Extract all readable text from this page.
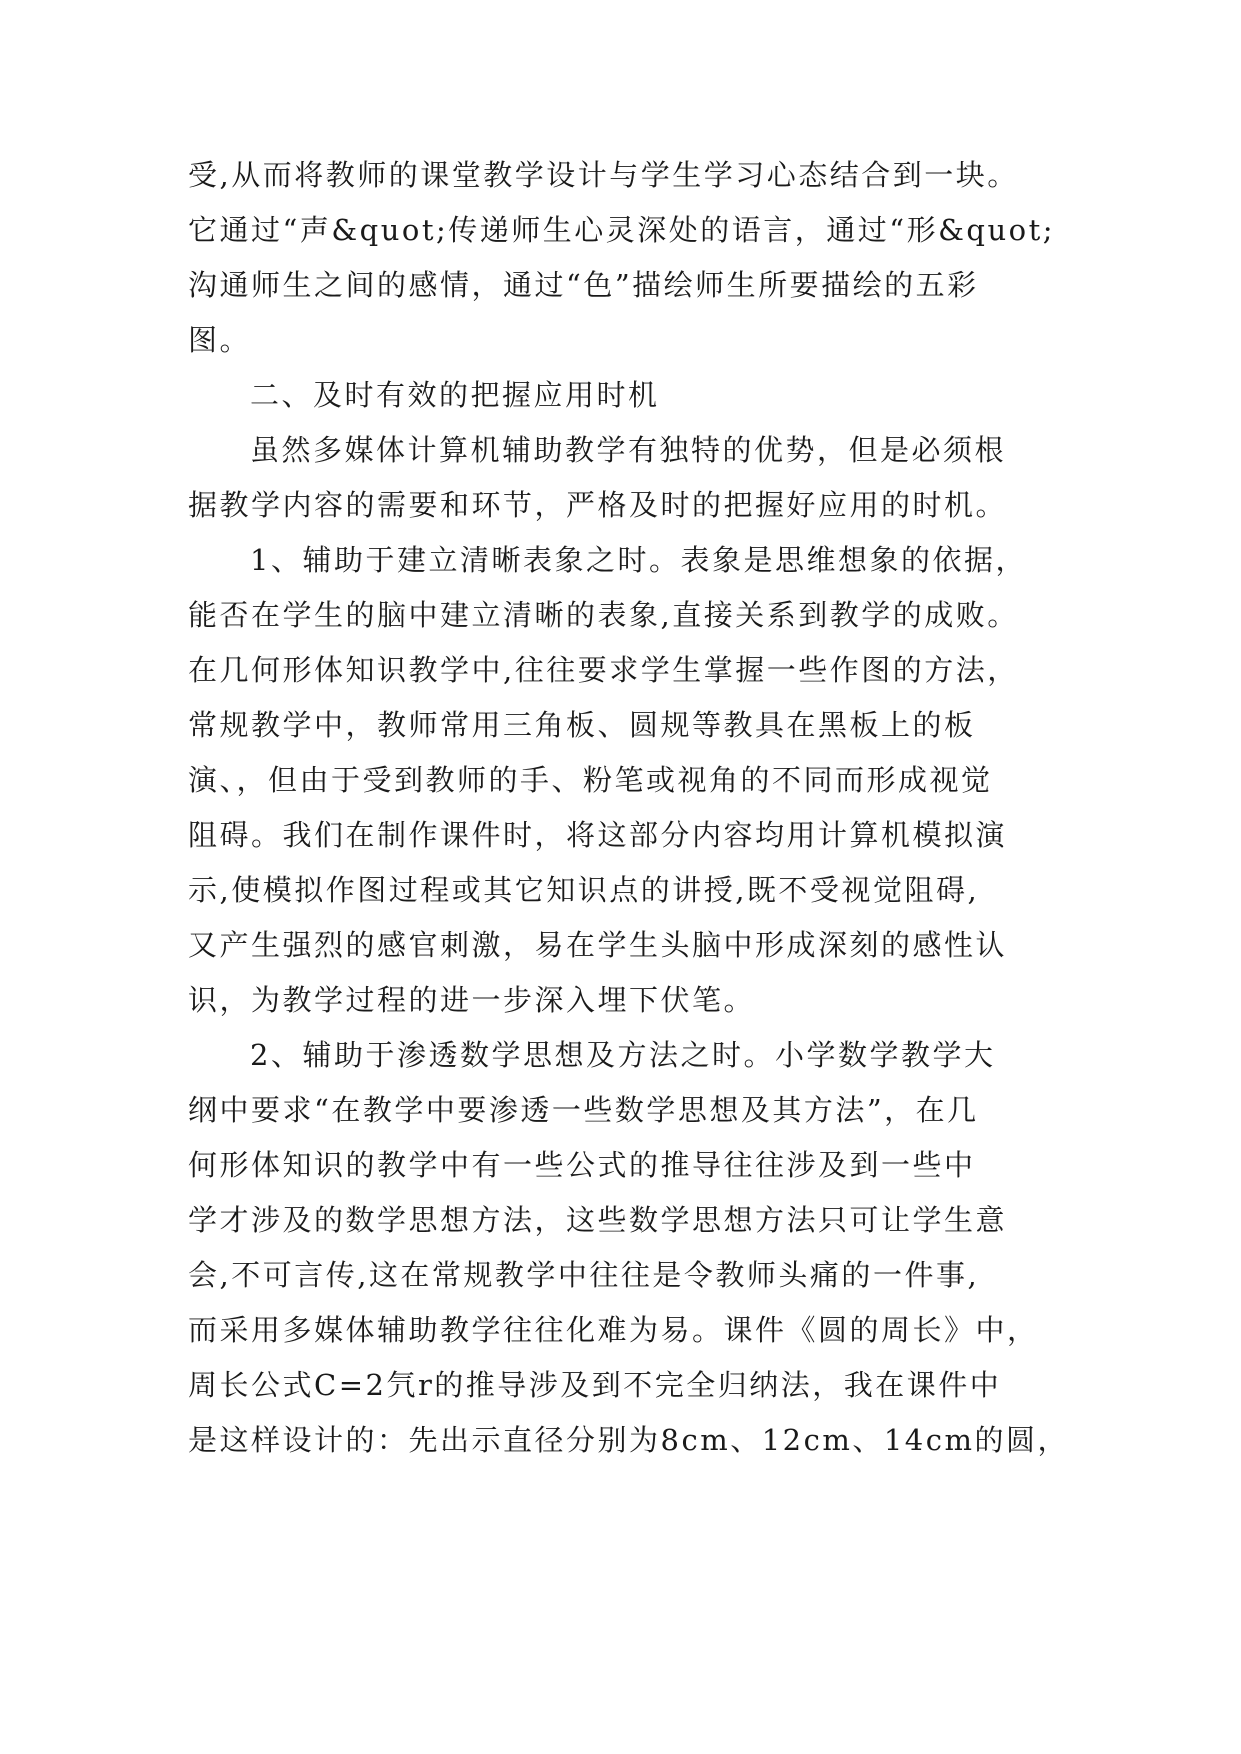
受,从而将教师的课堂教学设计与学生学习心态结合到一块。
它通过“声&quot;传递师生心灵深处的语言，通过“形&quot;
沟通师生之间的感情，通过“色”描绘师生所要描绘的五彩
图。
二、及时有效的把握应用时机
虽然多媒体计算机辅助教学有独特的优势，但是必须根
据教学内容的需要和环节，严格及时的把握好应用的时机。
1、辅助于建立清晰表象之时。表象是思维想象的依据，
能否在学生的脑中建立清晰的表象,直接关系到教学的成败。
在几何形体知识教学中,往往要求学生掌握一些作图的方法，
常规教学中，教师常用三角板、圆规等教具在黑板上的板
演、，但由于受到教师的手、粉笔或视角的不同而形成视觉
阻碍。我们在制作课件时，将这部分内容均用计算机模拟演
示,使模拟作图过程或其它知识点的讲授,既不受视觉阻碍,
又产生强烈的感官刺激，易在学生头脑中形成深刻的感性认
识，为教学过程的进一步深入埋下伏笔。
2、辅助于渗透数学思想及方法之时。小学数学教学大
纲中要求“在教学中要渗透一些数学思想及其方法”，在几
何形体知识的教学中有一些公式的推导往往涉及到一些中
学才涉及的数学思想方法，这些数学思想方法只可让学生意
会,不可言传,这在常规教学中往往是令教师头痛的一件事,
而采用多媒体辅助教学往往化难为易。课件《圆的周长》中，
周长公式C=2氕r的推导涉及到不完全归纳法，我在课件中
是这样设计的：先出示直径分别为8cm、12cm、14cm的圆，
